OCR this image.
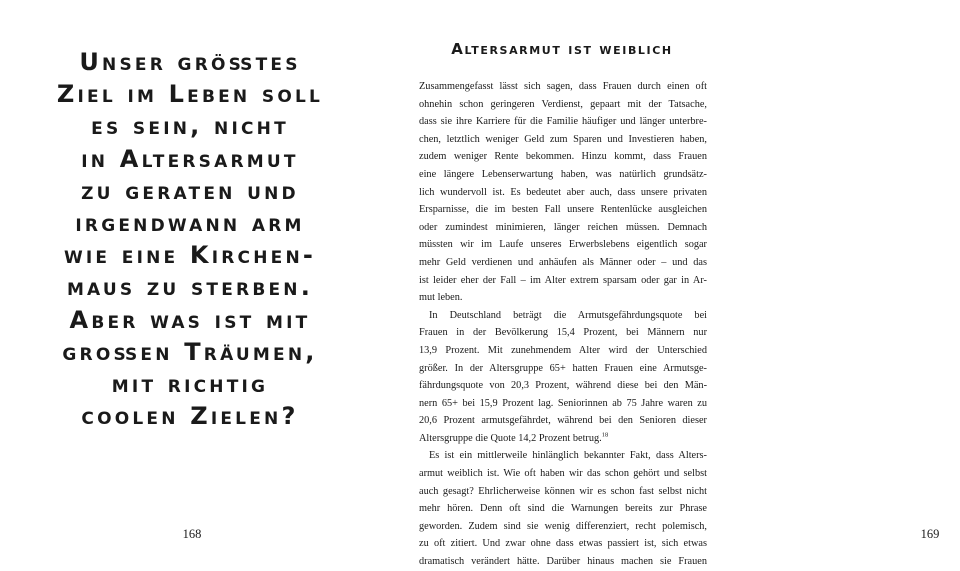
Unser größtes
Ziel im Leben soll
es sein, nicht
in Altersarmut
zu geraten und
irgendwann arm
wie eine Kirchen-
maus zu sterben.
Aber was ist mit
großen Träumen,
mit richtig
coolen Zielen?
168
Altersarmut ist weiblich
Zusammengefasst lässt sich sagen, dass Frauen durch einen oft
ohnehin schon geringeren Verdienst, gepaart mit der Tatsache,
dass sie ihre Karriere für die Familie häufiger und länger unterbre-
chen, letztlich weniger Geld zum Sparen und Investieren haben,
zudem weniger Rente bekommen. Hinzu kommt, dass Frauen
eine längere Lebenserwartung haben, was natürlich grundsätz-
lich wundervoll ist. Es bedeutet aber auch, dass unsere privaten
Ersparnisse, die im besten Fall unsere Rentenlücke ausgleichen
oder zumindest minimieren, länger reichen müssen. Demnach
müssten wir im Laufe unseres Erwerbslebens eigentlich sogar
mehr Geld verdienen und anhäufen als Männer oder – und das
ist leider eher der Fall – im Alter extrem sparsam oder gar in Ar-
mut leben.
In Deutschland beträgt die Armutsgefährdungsquote bei
Frauen in der Bevölkerung 15,4 Prozent, bei Männern nur
13,9 Prozent. Mit zunehmendem Alter wird der Unterschied
größer. In der Altersgruppe 65+ hatten Frauen eine Armutsge-
fährdungsquote von 20,3 Prozent, während diese bei den Män-
nern 65+ bei 15,9 Prozent lag. Seniorinnen ab 75 Jahre waren zu
20,6 Prozent armutsgefährdet, während bei den Senioren dieser
Altersgruppe die Quote 14,2 Prozent betrug.$^{18}$
Es ist ein mittlerweile hinlänglich bekannter Fakt, dass Alters-
armut weiblich ist. Wie oft haben wir das schon gehört und selbst
auch gesagt? Ehrlicherweise können wir es schon fast selbst nicht
mehr hören. Denn oft sind die Warnungen bereits zur Phrase
geworden. Zudem sind sie wenig differenziert, recht polemisch,
zu oft zitiert. Und zwar ohne dass etwas passiert ist, sich etwas
dramatisch verändert hätte. Darüber hinaus machen sie Frauen
169
